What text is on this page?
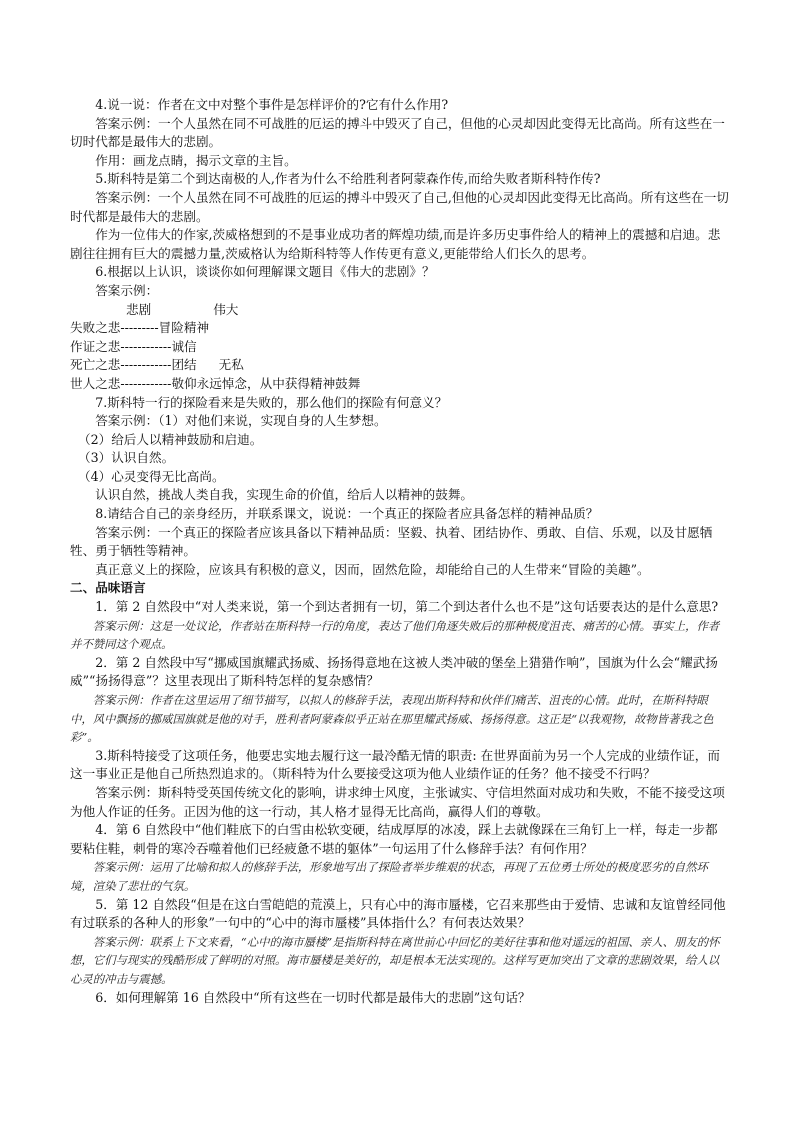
4.说一说：作者在文中对整个事件是怎样评价的?它有什么作用?

答案示例：一个人虽然在同不可战胜的厄运的搏斗中毁灭了自己，但他的心灵却因此变得无比高尚。所有这些在一切时代都是最伟大的悲剧。

作用：画龙点睛，揭示文章的主旨。

5.斯科特是第二个到达南极的人,作者为什么不给胜利者阿蒙森作传,而给失败者斯科特作传?

答案示例：一个人虽然在同不可战胜的厄运的搏斗中毁灭了自己,但他的心灵却因此变得无比高尚。所有这些在一切时代都是最伟大的悲剧。

作为一位伟大的作家,茨威格想到的不是事业成功者的辉煌功绩,而是许多历史事件给人的精神上的震撼和启迪。悲剧往往拥有巨大的震撼力量,茨威格认为给斯科特等人作传更有意义,更能带给人们长久的思考。

6.根据以上认识，谈谈你如何理解课文题目《伟大的悲剧》？

答案示例：

悲剧	伟大

失败之悲---------冒险精神

作证之悲------------诚信

死亡之悲------------团结 无私

世人之悲------------敬仰永远悼念，从中获得精神鼓舞

7.斯科特一行的探险看来是失败的，那么他们的探险有何意义？

答案示例：（1）对他们来说，实现自身的人生梦想。

（2）给后人以精神鼓励和启迪。

（3）认识自然。

（4）心灵变得无比高尚。

认识自然，挑战人类自我，实现生命的价值，给后人以精神的鼓舞。

8.请结合自己的亲身经历，并联系课文，说说：一个真正的探险者应具备怎样的精神品质？

答案示例：一个真正的探险者应该具备以下精神品质：坚毅、执着、团结协作、勇敢、自信、乐观，以及甘愿牺牲、勇于牺牲等精神。

真正意义上的探险，应该具有积极的意义，因而，固然危险，却能给自己的人生带来“冒险的美趣”。

二、品味语言

1．第 2 自然段中“对人类来说，第一个到达者拥有一切，第二个到达者什么也不是”这句话要表达的是什么意思?

答案示例：这是一处议论，作者站在斯科特一行的角度，表达了他们角逐失败后的那种极度沮丧、痛苦的心情。事实上，作者并不赞同这个观点。

2．第 2 自然段中写“挪威国旗耀武扬威、扬扬得意地在这被人类冲破的堡垒上猎猎作响”，国旗为什么会“耀武扬威”“扬扬得意”？这里表现出了斯科特怎样的复杂感情？

答案示例：作者在这里运用了细节描写，以拟人的修辞手法，表现出斯科特和伙伴们痛苦、沮丧的心情。此时，在斯科特眼中，风中飘扬的挪威国旗就是他的对手，胜利者阿蒙森似乎正站在那里耀武扬威、扬扬得意。这正是“以我观物，故物皆著我之色彩”。

3.斯科特接受了这项任务，他要忠实地去履行这一最冷酷无情的职责: 在世界面前为另一个人完成的业绩作证，而这一事业正是他自己所热烈追求的。（斯科特为什么要接受这项为他人业绩作证的任务？他不接受不行吗？

答案示例：斯科特受英国传统文化的影响，讲求绅士风度，主张诚实、守信坦然面对成功和失败，不能不接受这项为他人作证的任务。正因为他的这一行动，其人格才显得无比高尚，赢得人们的尊敬。

4．第 6 自然段中“他们鞋底下的白雪由松软变硬，结成厚厚的冰凌，踩上去就像踩在三角钉上一样，每走一步都要粘住鞋，刺骨的寒冷吞噬着他们已经疲惫不堪的躯体”一句运用了什么修辞手法？有何作用？

答案示例：运用了比喻和拟人的修辞手法，形象地写出了探险者举步维艰的状态，再现了五位勇士所处的极度恶劣的自然环境，渲染了悲壮的气氛。

5．第 12 自然段“但是在这白雪皑皑的荒漠上，只有心中的海市蜃楼，它召来那些由于爱情、忠诚和友谊曾经同他有过联系的各种人的形象”一句中的“心中的海市蜃楼”具体指什么？有何表达效果？

答案示例：联系上下文来看，“心中的海市蜃楼”是指斯科特在离世前心中回忆的美好往事和他对遥远的祖国、亲人、朋友的怀想，它们与现实的残酷形成了鲜明的对照。海市蜃楼是美好的，却是根本无法实现的。这样写更加突出了文章的悲剧效果，给人以心灵的冲击与震撼。

6．如何理解第 16 自然段中“所有这些在一切时代都是最伟大的悲剧”这句话？
